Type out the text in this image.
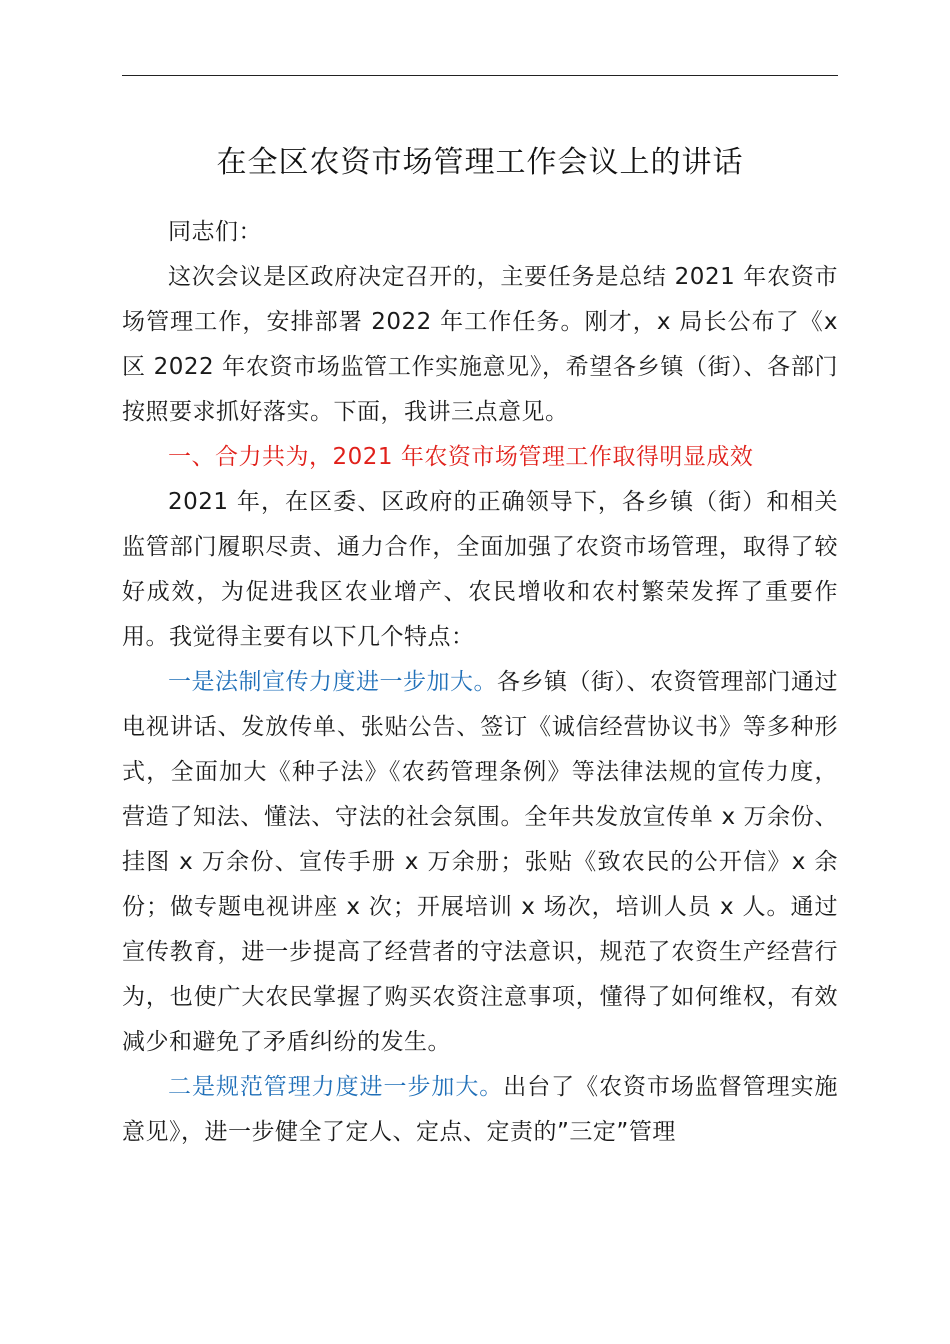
在全区农资市场管理工作会议上的讲话

同志们：

这次会议是区政府决定召开的，主要任务是总结 2021 年农资市场管理工作，安排部署 2022 年工作任务。刚才，x 局长公布了《x 区 2022 年农资市场监管工作实施意见》，希望各乡镇（街）、各部门按照要求抓好落实。下面，我讲三点意见。

一、合力共为，2021 年农资市场管理工作取得明显成效

2021 年，在区委、区政府的正确领导下，各乡镇（街）和相关监管部门履职尽责、通力合作，全面加强了农资市场管理，取得了较好成效，为促进我区农业增产、农民增收和农村繁荣发挥了重要作用。我觉得主要有以下几个特点：

一是法制宣传力度进一步加大。各乡镇（街）、农资管理部门通过电视讲话、发放传单、张贴公告、签订《诚信经营协议书》等多种形式，全面加大《种子法》《农药管理条例》等法律法规的宣传力度，营造了知法、懂法、守法的社会氛围。全年共发放宣传单 x 万余份、挂图 x 万余份、宣传手册 x 万余册；张贴《致农民的公开信》x 余份；做专题电视讲座 x 次；开展培训 x 场次，培训人员 x 人。通过宣传教育，进一步提高了经营者的守法意识，规范了农资生产经营行为，也使广大农民掌握了购买农资注意事项，懂得了如何维权，有效减少和避免了矛盾纠纷的发生。

二是规范管理力度进一步加大。出台了《农资市场监督管理实施意见》，进一步健全了定人、定点、定责的”三定”管理
